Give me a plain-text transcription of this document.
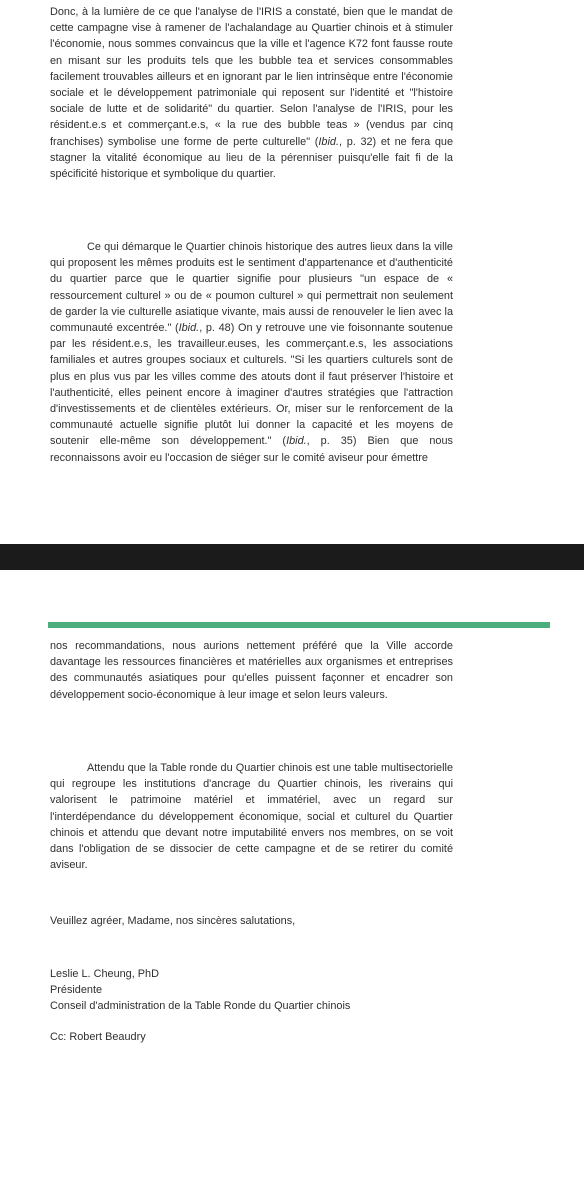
Donc, à la lumière de ce que l'analyse de l'IRIS a constaté, bien que le mandat de cette campagne vise à ramener de l'achalandage au Quartier chinois et à stimuler l'économie, nous sommes convaincus que la ville et l'agence K72 font fausse route en misant sur les produits tels que les bubble tea et services consommables facilement trouvables ailleurs et en ignorant par le lien intrinsèque entre l'économie sociale et le développement patrimoniale qui reposent sur l'identité et "l'histoire sociale de lutte et de solidarité" du quartier. Selon l'analyse de l'IRIS, pour les résident.e.s et commerçant.e.s, « la rue des bubble teas » (vendus par cinq franchises) symbolise une forme de perte culturelle" (Ibid., p. 32) et ne fera que stagner la vitalité économique au lieu de la pérenniser puisqu'elle fait fi de la spécificité historique et symbolique du quartier.

Ce qui démarque le Quartier chinois historique des autres lieux dans la ville qui proposent les mêmes produits est le sentiment d'appartenance et d'authenticité du quartier parce que le quartier signifie pour plusieurs "un espace de « ressourcement culturel » ou de « poumon culturel » qui permettrait non seulement de garder la vie culturelle asiatique vivante, mais aussi de renouveler le lien avec la communauté excentrée." (Ibid., p. 48) On y retrouve une vie foisonnante soutenue par les résident.e.s, les travailleur.euses, les commerçant.e.s, les associations familiales et autres groupes sociaux et culturels. "Si les quartiers culturels sont de plus en plus vus par les villes comme des atouts dont il faut préserver l'histoire et l'authenticité, elles peinent encore à imaginer d'autres stratégies que l'attraction d'investissements et de clientèles extérieurs. Or, miser sur le renforcement de la communauté actuelle signifie plutôt lui donner la capacité et les moyens de soutenir elle-même son développement." (Ibid., p. 35) Bien que nous reconnaissons avoir eu l'occasion de siéger sur le comité aviseur pour émettre

nos recommandations, nous aurions nettement préféré que la Ville accorde davantage les ressources financières et matérielles aux organismes et entreprises des communautés asiatiques pour qu'elles puissent façonner et encadrer son développement socio-économique à leur image et selon leurs valeurs.

Attendu que la Table ronde du Quartier chinois est une table multisectorielle qui regroupe les institutions d'ancrage du Quartier chinois, les riverains qui valorisent le patrimoine matériel et immatériel, avec un regard sur l'interdépendance du développement économique, social et culturel du Quartier chinois et attendu que devant notre imputabilité envers nos membres, on se voit dans l'obligation de se dissocier de cette campagne et de se retirer du comité aviseur.

Veuillez agréer, Madame, nos sincères salutations,

Leslie L. Cheung, PhD

Présidente

Conseil d'administration de la Table Ronde du Quartier chinois

Cc: Robert Beaudry
